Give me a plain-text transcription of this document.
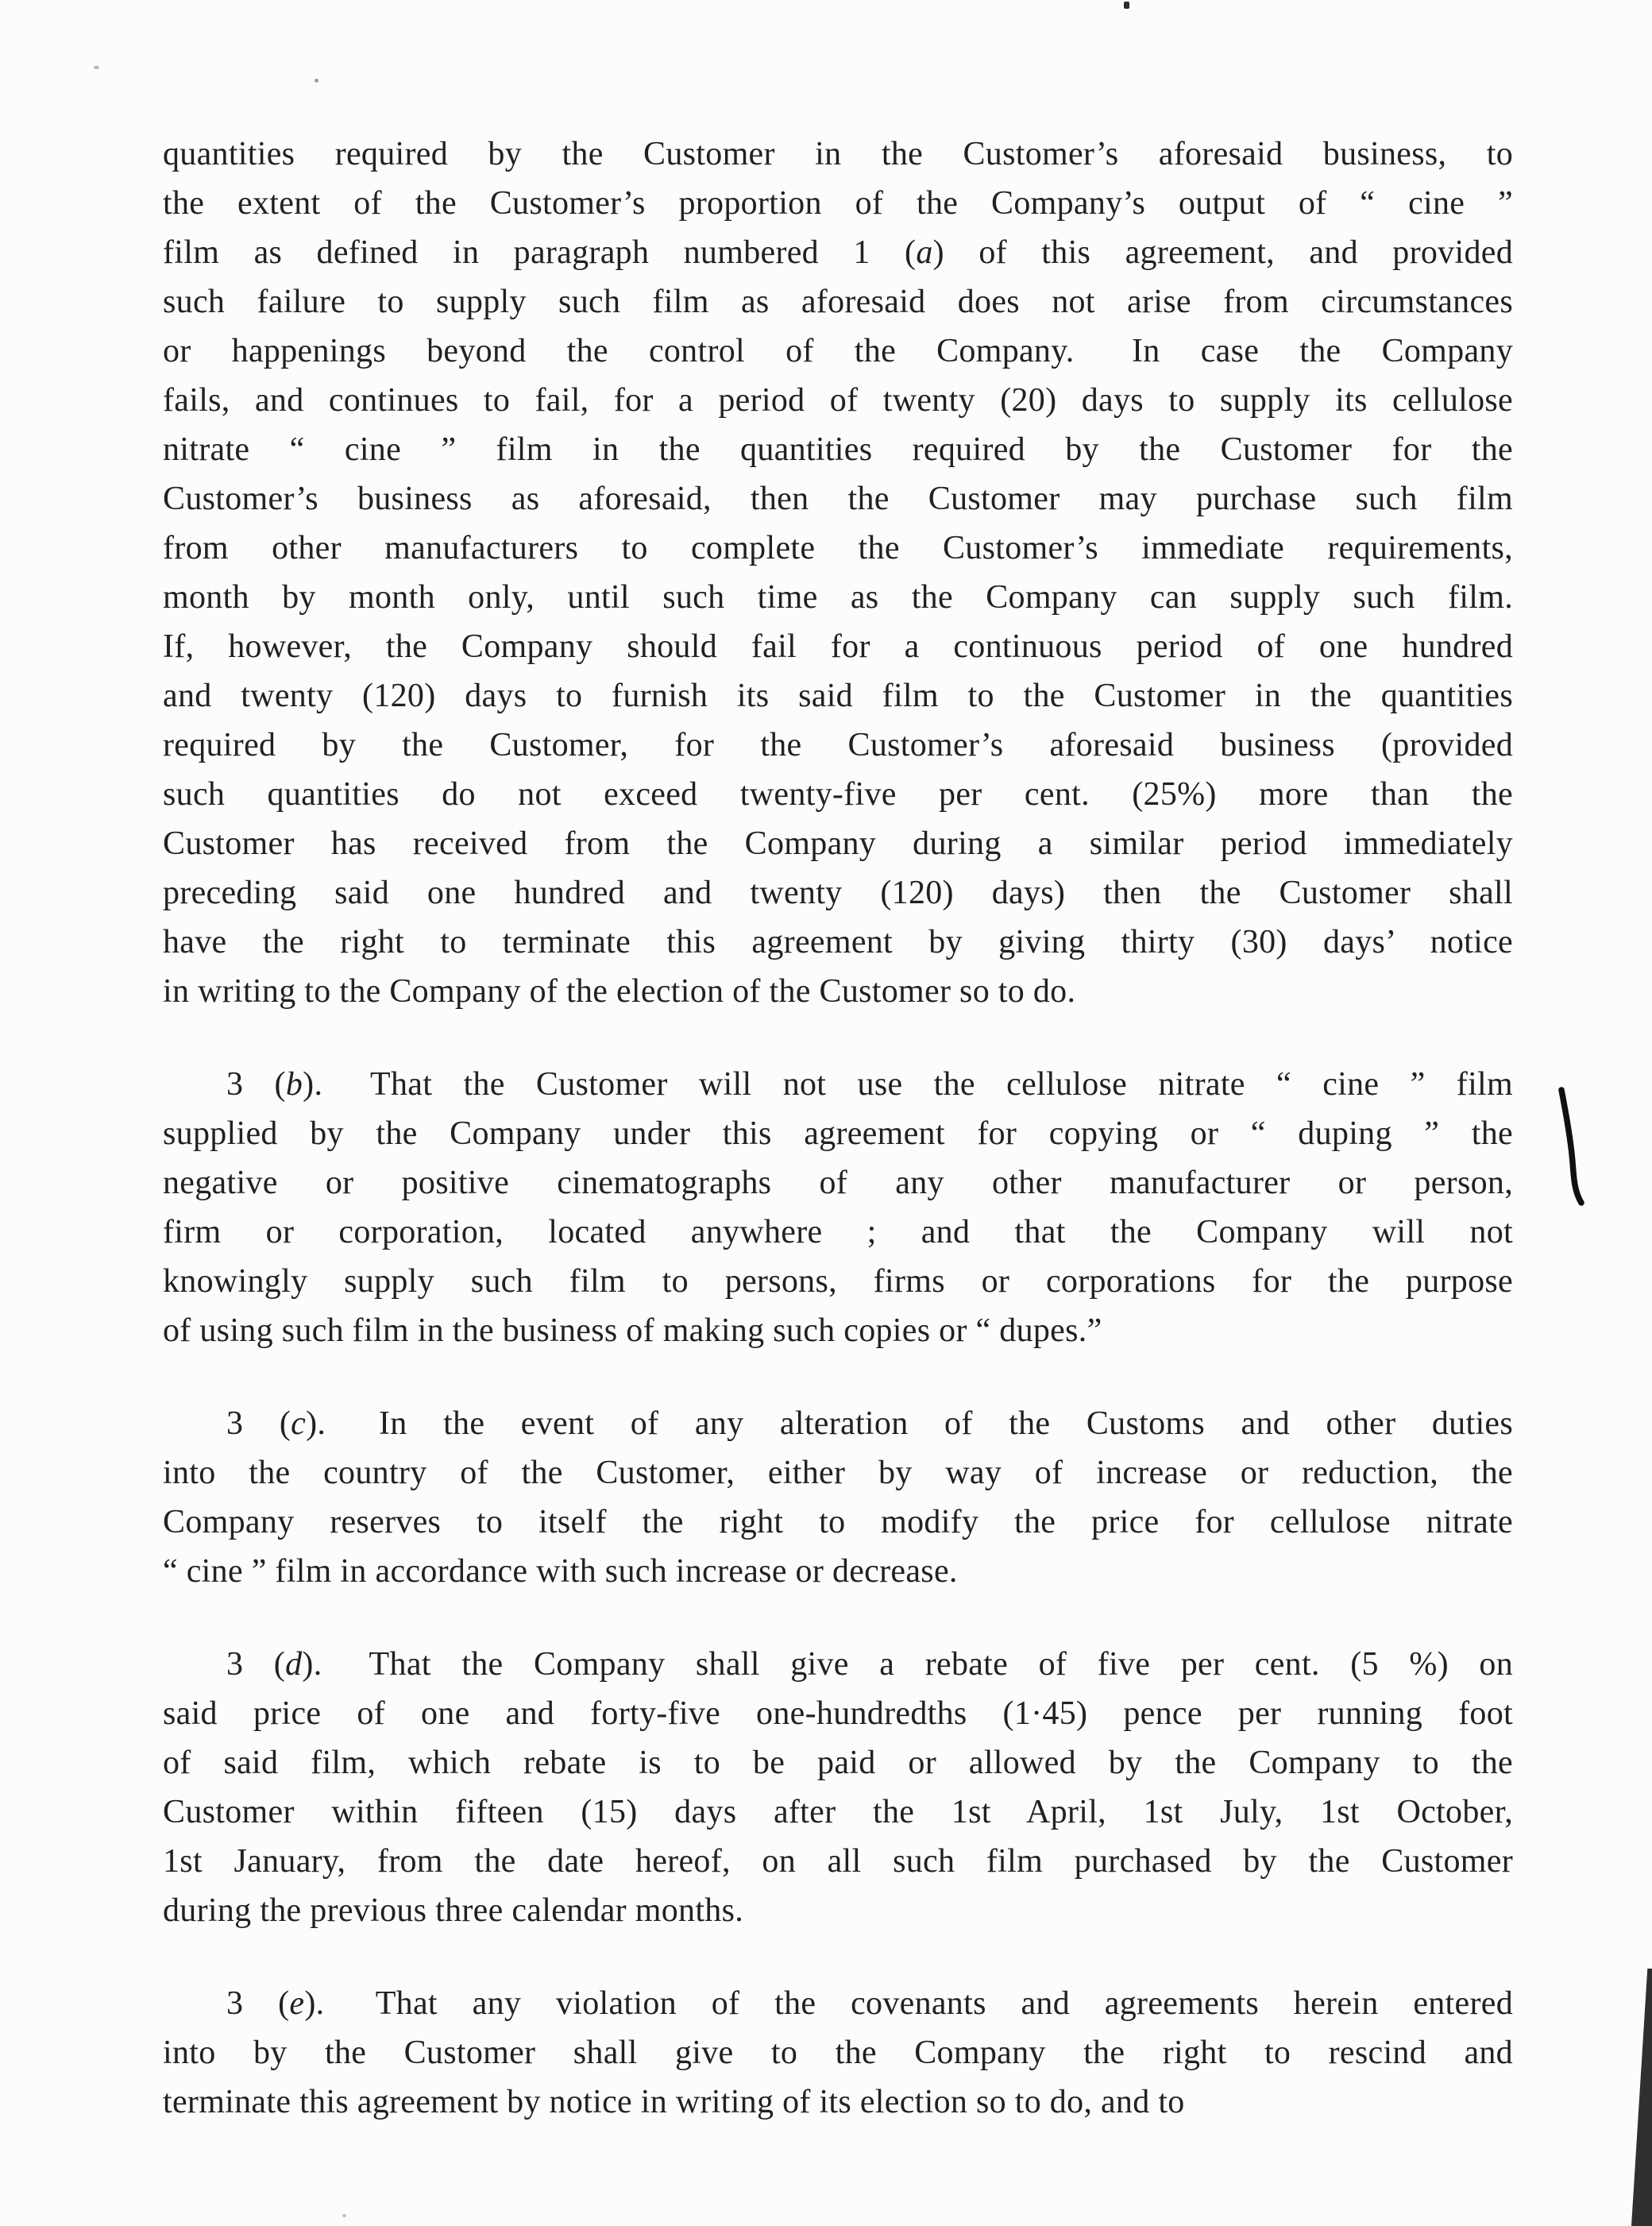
quantities required by the Customer in the Customer’s aforesaid business, to
the extent of the Customer’s proportion of the Company’s output of “ cine ”
film as defined in paragraph numbered 1 (a) of this agreement, and provided
such failure to supply such film as aforesaid does not arise from circumstances
or happenings beyond the control of the Company.  In case the Company
fails, and continues to fail, for a period of twenty (20) days to supply its cellulose
nitrate “ cine ” film in the quantities required by the Customer for the
Customer’s business as aforesaid, then the Customer may purchase such film
from other manufacturers to complete the Customer’s immediate requirements,
month by month only, until such time as the Company can supply such film.
If, however, the Company should fail for a continuous period of one hundred
and twenty (120) days to furnish its said film to the Customer in the quantities
required by the Customer, for the Customer’s aforesaid business (provided
such quantities do not exceed twenty-five per cent. (25%) more than the
Customer has received from the Company during a similar period immediately
preceding said one hundred and twenty (120) days) then the Customer shall
have the right to terminate this agreement by giving thirty (30) days’ notice
in writing to the Company of the election of the Customer so to do.
3 (b).  That the Customer will not use the cellulose nitrate “ cine ” film
supplied by the Company under this agreement for copying or “ duping ” the
negative or positive cinematographs of any other manufacturer or person,
firm or corporation, located anywhere ; and that the Company will not
knowingly supply such film to persons, firms or corporations for the purpose
of using such film in the business of making such copies or “ dupes.”
3 (c).  In the event of any alteration of the Customs and other duties
into the country of the Customer, either by way of increase or reduction, the
Company reserves to itself the right to modify the price for cellulose nitrate
“ cine ” film in accordance with such increase or decrease.
3 (d).  That the Company shall give a rebate of five per cent. (5 %) on
said price of one and forty-five one-hundredths (1·45) pence per running foot
of said film, which rebate is to be paid or allowed by the Company to the
Customer within fifteen (15) days after the 1st April, 1st July, 1st October,
1st January, from the date hereof, on all such film purchased by the Customer
during the previous three calendar months.
3 (e).  That any violation of the covenants and agreements herein entered
into by the Customer shall give to the Company the right to rescind and
terminate this agreement by notice in writing of its election so to do, and to
